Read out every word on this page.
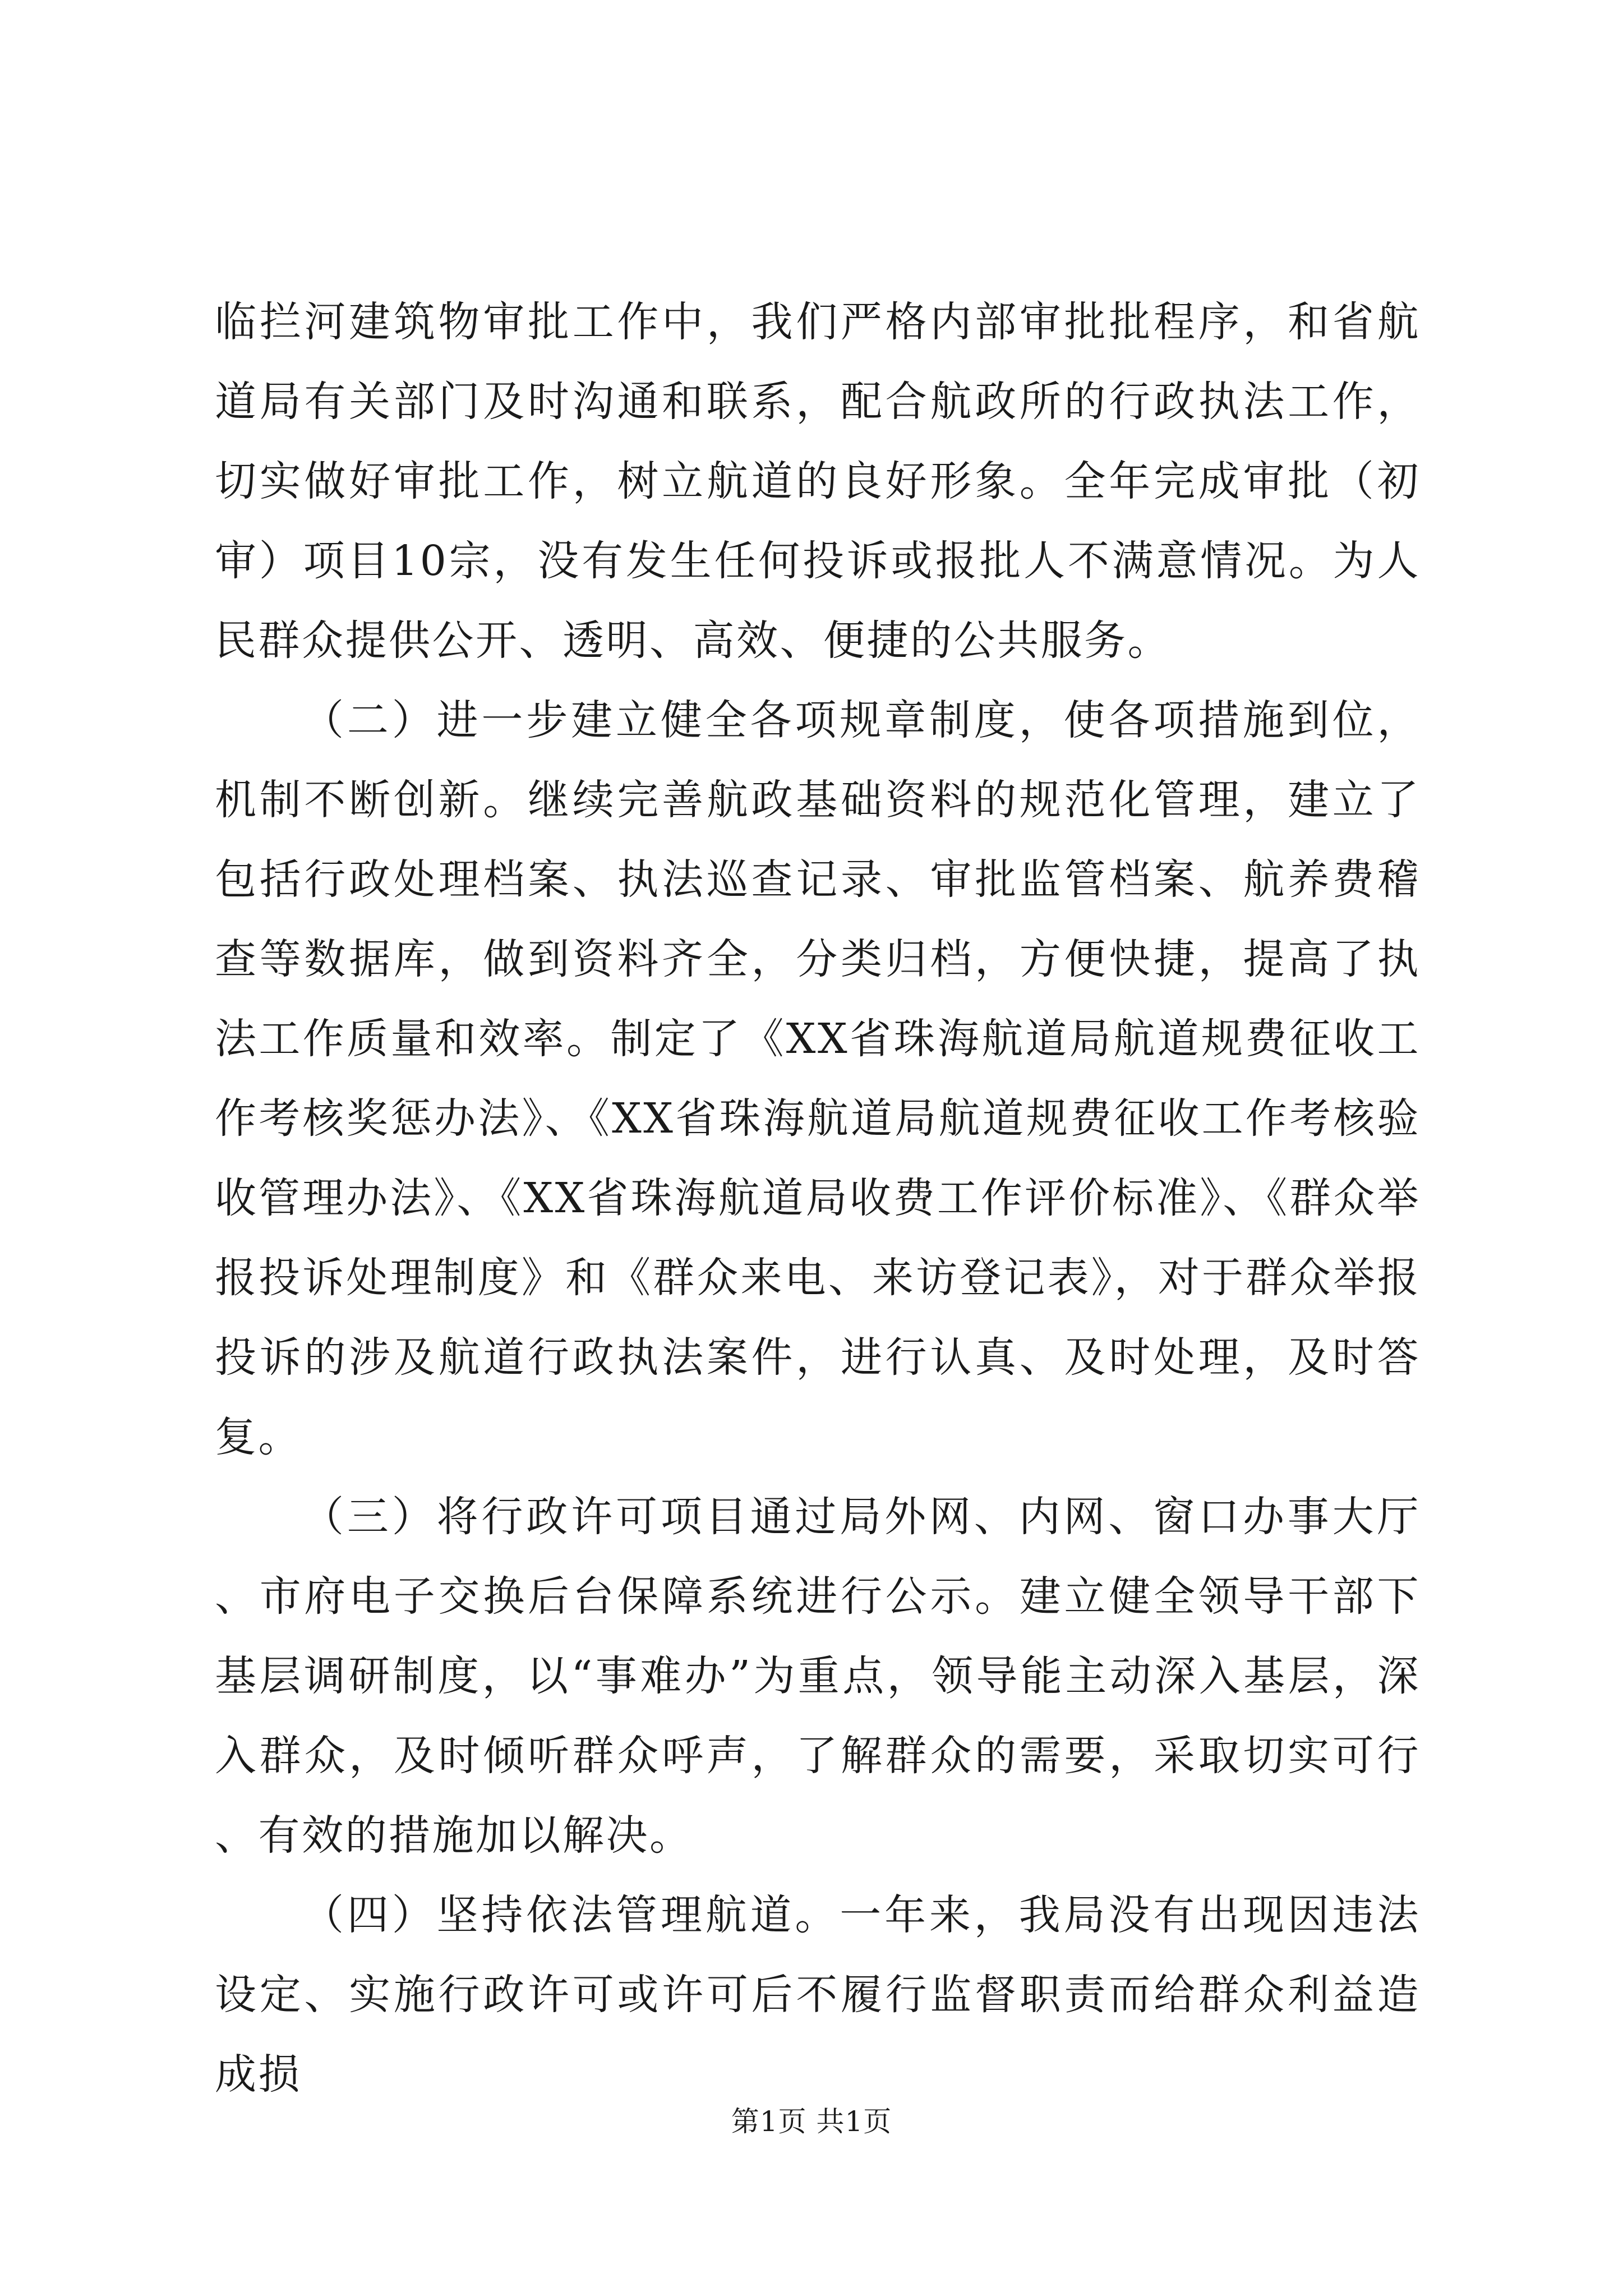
临拦河建筑物审批工作中，我们严格内部审批批程序，和省航道局有关部门及时沟通和联系，配合航政所的行政执法工作，切实做好审批工作，树立航道的良好形象。全年完成审批（初审）项目10宗，没有发生任何投诉或报批人不满意情况。为人民群众提供公开、透明、高效、便捷的公共服务。

（二）进一步建立健全各项规章制度，使各项措施到位，机制不断创新。继续完善航政基础资料的规范化管理，建立了包括行政处理档案、执法巡查记录、审批监管档案、航养费稽查等数据库，做到资料齐全，分类归档，方便快捷，提高了执法工作质量和效率。制定了《XX省珠海航道局航道规费征收工作考核奖惩办法》、《XX省珠海航道局航道规费征收工作考核验收管理办法》、《XX省珠海航道局收费工作评价标准》、《群众举报投诉处理制度》和《群众来电、来访登记表》，对于群众举报投诉的涉及航道行政执法案件，进行认真、及时处理，及时答复。

（三）将行政许可项目通过局外网、内网、窗口办事大厅、市府电子交换后台保障系统进行公示。建立健全领导干部下基层调研制度，以“事难办”为重点，领导能主动深入基层，深入群众，及时倾听群众呼声，了解群众的需要，采取切实可行、有效的措施加以解决。

（四）坚持依法管理航道。一年来，我局没有出现因违法设定、实施行政许可或许可后不履行监督职责而给群众利益造成损

第1页 共1页
